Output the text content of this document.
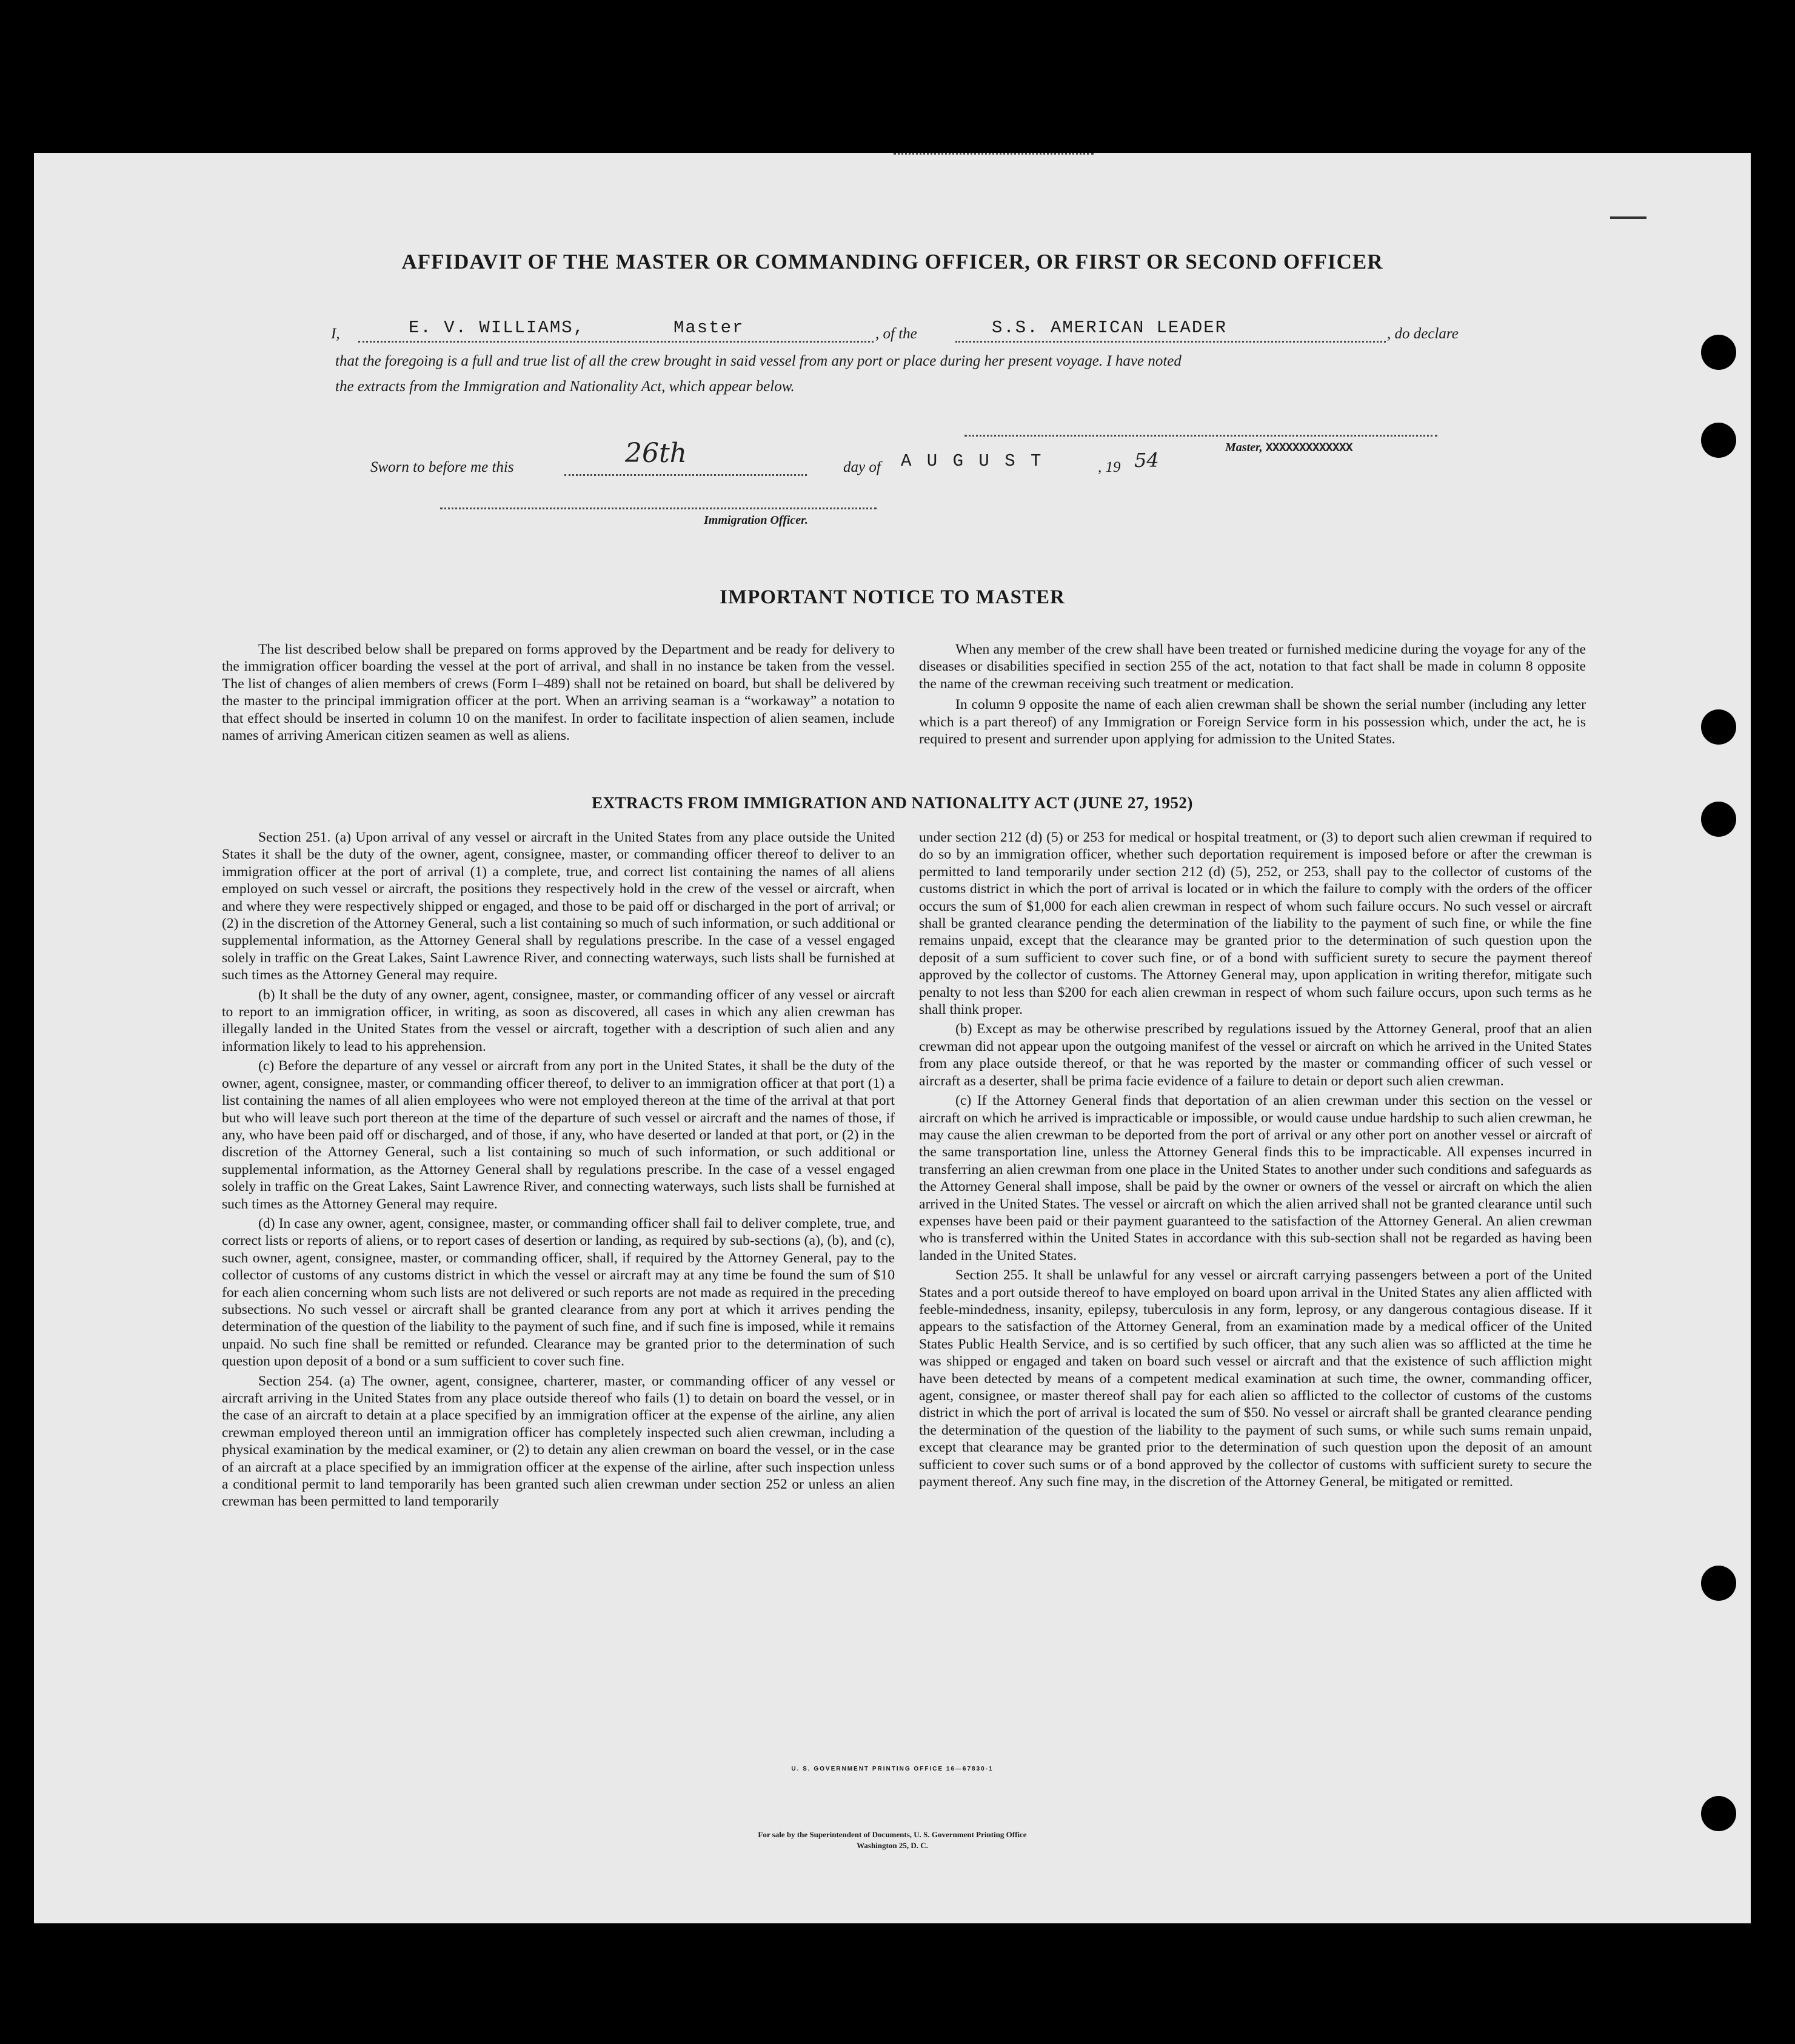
AFFIDAVIT OF THE MASTER OR COMMANDING OFFICER, OR FIRST OR SECOND OFFICER
I,	E. V. WILLIAMS,	Master	, of the	S.S. AMERICAN LEADER	, do declare
that the foregoing is a full and true list of all the crew brought in said vessel from any port or place during her present voyage. I have noted
the extracts from the Immigration and Nationality Act, which appear below.
Master, XXXXXXXXXXXXX
Sworn to before me this	26th	day of A U G U S T	, 19 54
Immigration Officer.
IMPORTANT NOTICE TO MASTER

The list described below shall be prepared on forms approved by the Department and be ready for delivery to the immigration officer boarding the vessel at the port of arrival, and shall in no instance be taken from the vessel. The list of changes of alien members of crews (Form I–489) shall not be retained on board, but shall be delivered by the master to the principal immigration officer at the port. When an arriving seaman is a “workaway” a notation to that effect should be inserted in column 10 on the manifest. In order to facilitate inspection of alien seamen, include names of arriving American citizen seamen as well as aliens.

When any member of the crew shall have been treated or furnished medicine during the voyage for any of the diseases or disabilities specified in section 255 of the act, notation to that fact shall be made in column 8 opposite the name of the crewman receiving such treatment or medication.

In column 9 opposite the name of each alien crewman shall be shown the serial number (including any letter which is a part thereof) of any Immigration or Foreign Service form in his possession which, under the act, he is required to present and surrender upon applying for admission to the United States.

EXTRACTS FROM IMMIGRATION AND NATIONALITY ACT (JUNE 27, 1952)

Section 251. (a) Upon arrival of any vessel or aircraft in the United States from any place outside the United States it shall be the duty of the owner, agent, consignee, master, or commanding officer thereof to deliver to an immigration officer at the port of arrival (1) a complete, true, and correct list containing the names of all aliens employed on such vessel or aircraft, the positions they respectively hold in the crew of the vessel or aircraft, when and where they were respectively shipped or engaged, and those to be paid off or discharged in the port of arrival; or (2) in the discretion of the Attorney General, such a list containing so much of such information, or such additional or supplemental information, as the Attorney General shall by regulations prescribe. In the case of a vessel engaged solely in traffic on the Great Lakes, Saint Lawrence River, and connecting waterways, such lists shall be furnished at such times as the Attorney General may require.

(b) It shall be the duty of any owner, agent, consignee, master, or commanding officer of any vessel or aircraft to report to an immigration officer, in writing, as soon as discovered, all cases in which any alien crewman has illegally landed in the United States from the vessel or aircraft, together with a description of such alien and any information likely to lead to his apprehension.

(c) Before the departure of any vessel or aircraft from any port in the United States, it shall be the duty of the owner, agent, consignee, master, or commanding officer thereof, to deliver to an immigration officer at that port (1) a list containing the names of all alien employees who were not employed thereon at the time of the arrival at that port but who will leave such port thereon at the time of the departure of such vessel or aircraft and the names of those, if any, who have been paid off or discharged, and of those, if any, who have deserted or landed at that port, or (2) in the discretion of the Attorney General, such a list containing so much of such information, or such additional or supplemental information, as the Attorney General shall by regulations prescribe. In the case of a vessel engaged solely in traffic on the Great Lakes, Saint Lawrence River, and connecting waterways, such lists shall be furnished at such times as the Attorney General may require.

(d) In case any owner, agent, consignee, master, or commanding officer shall fail to deliver complete, true, and correct lists or reports of aliens, or to report cases of desertion or landing, as required by sub-sections (a), (b), and (c), such owner, agent, consignee, master, or commanding officer, shall, if required by the Attorney General, pay to the collector of customs of any customs district in which the vessel or aircraft may at any time be found the sum of $10 for each alien concerning whom such lists are not delivered or such reports are not made as required in the preceding subsections. No such vessel or aircraft shall be granted clearance from any port at which it arrives pending the determination of the question of the liability to the payment of such fine, and if such fine is imposed, while it remains unpaid. No such fine shall be remitted or refunded. Clearance may be granted prior to the determination of such question upon deposit of a bond or a sum sufficient to cover such fine.

Section 254. (a) The owner, agent, consignee, charterer, master, or commanding officer of any vessel or aircraft arriving in the United States from any place outside thereof who fails (1) to detain on board the vessel, or in the case of an aircraft to detain at a place specified by an immigration officer at the expense of the airline, any alien crewman employed thereon until an immigration officer has completely inspected such alien crewman, including a physical examination by the medical examiner, or (2) to detain any alien crewman on board the vessel, or in the case of an aircraft at a place specified by an immigration officer at the expense of the airline, after such inspection unless a conditional permit to land temporarily has been granted such alien crewman under section 252 or unless an alien crewman has been permitted to land temporarily

under section 212 (d) (5) or 253 for medical or hospital treatment, or (3) to deport such alien crewman if required to do so by an immigration officer, whether such deportation requirement is imposed before or after the crewman is permitted to land temporarily under section 212 (d) (5), 252, or 253, shall pay to the collector of customs of the customs district in which the port of arrival is located or in which the failure to comply with the orders of the officer occurs the sum of $1,000 for each alien crewman in respect of whom such failure occurs. No such vessel or aircraft shall be granted clearance pending the determination of the liability to the payment of such fine, or while the fine remains unpaid, except that the clearance may be granted prior to the determination of such question upon the deposit of a sum sufficient to cover such fine, or of a bond with sufficient surety to secure the payment thereof approved by the collector of customs. The Attorney General may, upon application in writing therefor, mitigate such penalty to not less than $200 for each alien crewman in respect of whom such failure occurs, upon such terms as he shall think proper.

(b) Except as may be otherwise prescribed by regulations issued by the Attorney General, proof that an alien crewman did not appear upon the outgoing manifest of the vessel or aircraft on which he arrived in the United States from any place outside thereof, or that he was reported by the master or commanding officer of such vessel or aircraft as a deserter, shall be prima facie evidence of a failure to detain or deport such alien crewman.

(c) If the Attorney General finds that deportation of an alien crewman under this section on the vessel or aircraft on which he arrived is impracticable or impossible, or would cause undue hardship to such alien crewman, he may cause the alien crewman to be deported from the port of arrival or any other port on another vessel or aircraft of the same transportation line, unless the Attorney General finds this to be impracticable. All expenses incurred in transferring an alien crewman from one place in the United States to another under such conditions and safeguards as the Attorney General shall impose, shall be paid by the owner or owners of the vessel or aircraft on which the alien arrived in the United States. The vessel or aircraft on which the alien arrived shall not be granted clearance until such expenses have been paid or their payment guaranteed to the satisfaction of the Attorney General. An alien crewman who is transferred within the United States in accordance with this sub-section shall not be regarded as having been landed in the United States.

Section 255. It shall be unlawful for any vessel or aircraft carrying passengers between a port of the United States and a port outside thereof to have employed on board upon arrival in the United States any alien afflicted with feeble-mindedness, insanity, epilepsy, tuberculosis in any form, leprosy, or any dangerous contagious disease. If it appears to the satisfaction of the Attorney General, from an examination made by a medical officer of the United States Public Health Service, and is so certified by such officer, that any such alien was so afflicted at the time he was shipped or engaged and taken on board such vessel or aircraft and that the existence of such affliction might have been detected by means of a competent medical examination at such time, the owner, commanding officer, agent, consignee, or master thereof shall pay for each alien so afflicted to the collector of customs of the customs district in which the port of arrival is located the sum of $50. No vessel or aircraft shall be granted clearance pending the determination of the question of the liability to the payment of such sums, or while such sums remain unpaid, except that clearance may be granted prior to the determination of such question upon the deposit of an amount sufficient to cover such sums or of a bond approved by the collector of customs with sufficient surety to secure the payment thereof. Any such fine may, in the discretion of the Attorney General, be mitigated or remitted.

U. S. GOVERNMENT PRINTING OFFICE 16—67830-1
For sale by the Superintendent of Documents, U. S. Government Printing Office
Washington 25, D. C.
